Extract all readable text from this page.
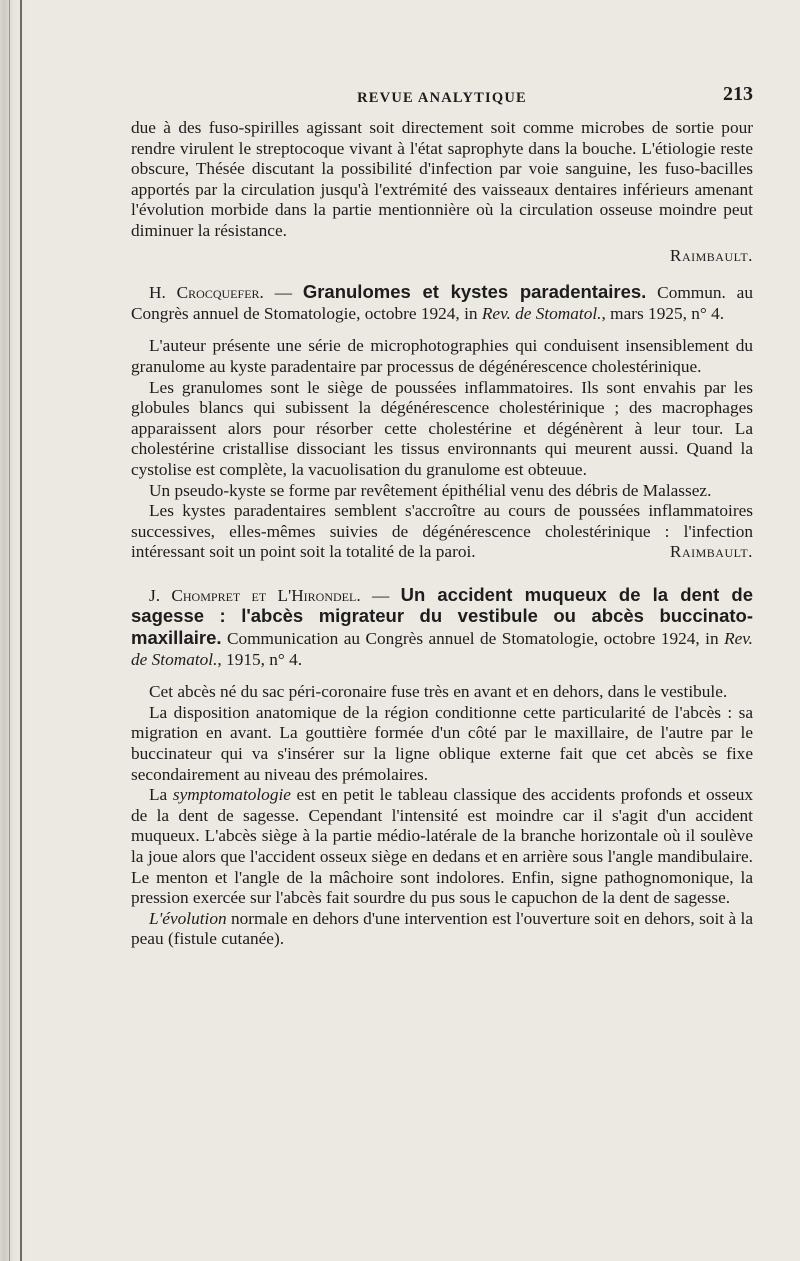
REVUE ANALYTIQUE	213

due à des fuso-spirilles agissant soit directement soit comme microbes de sortie pour rendre virulent le streptocoque vivant à l'état saprophyte dans la bouche. L'étiologie reste obscure, Thésée discutant la possibilité d'infection par voie sanguine, les fuso-bacilles apportés par la circulation jusqu'à l'extrémité des vaisseaux dentaires inférieurs amenant l'évolution morbide dans la partie mentionnière où la circulation osseuse moindre peut diminuer la résistance.

Raimbault.

H. Crocquefer. — Granulomes et kystes paradentaires. Commun. au Congrès annuel de Stomatologie, octobre 1924, in Rev. de Stomatol., mars 1925, n° 4.

L'auteur présente une série de microphotographies qui conduisent insensiblement du granulome au kyste paradentaire par processus de dégénérescence cholestérinique.

Les granulomes sont le siège de poussées inflammatoires. Ils sont envahis par les globules blancs qui subissent la dégénérescence cholestérinique ; des macrophages apparaissent alors pour résorber cette cholestérine et dégénèrent à leur tour. La cholestérine cristallise dissociant les tissus environnants qui meurent aussi. Quand la cystolise est complète, la vacuolisation du granulome est obteuue.

Un pseudo-kyste se forme par revêtement épithélial venu des débris de Malassez.

Les kystes paradentaires semblent s'accroître au cours de poussées inflammatoires successives, elles-mêmes suivies de dégénérescence cholestérinique : l'infection intéressant soit un point soit la totalité de la paroi.	Raimbault.

J. Chompret et L'Hirondel. — Un accident muqueux de la dent de sagesse : l'abcès migrateur du vestibule ou abcès buccinato-maxillaire. Communication au Congrès annuel de Stomatologie, octobre 1924, in Rev. de Stomatol., 1915, n° 4.

Cet abcès né du sac péri-coronaire fuse très en avant et en dehors, dans le vestibule.

La disposition anatomique de la région conditionne cette particularité de l'abcès : sa migration en avant. La gouttière formée d'un côté par le maxillaire, de l'autre par le buccinateur qui va s'insérer sur la ligne oblique externe fait que cet abcès se fixe secondairement au niveau des prémolaires.

La symptomatologie est en petit le tableau classique des accidents profonds et osseux de la dent de sagesse. Cependant l'intensité est moindre car il s'agit d'un accident muqueux. L'abcès siège à la partie médio-latérale de la branche horizontale où il soulève la joue alors que l'accident osseux siège en dedans et en arrière sous l'angle mandibulaire. Le menton et l'angle de la mâchoire sont indolores. Enfin, signe pathognomonique, la pression exercée sur l'abcès fait sourdre du pus sous le capuchon de la dent de sagesse.

L'évolution normale en dehors d'une intervention est l'ouverture soit en dehors, soit à la peau (fistule cutanée).
